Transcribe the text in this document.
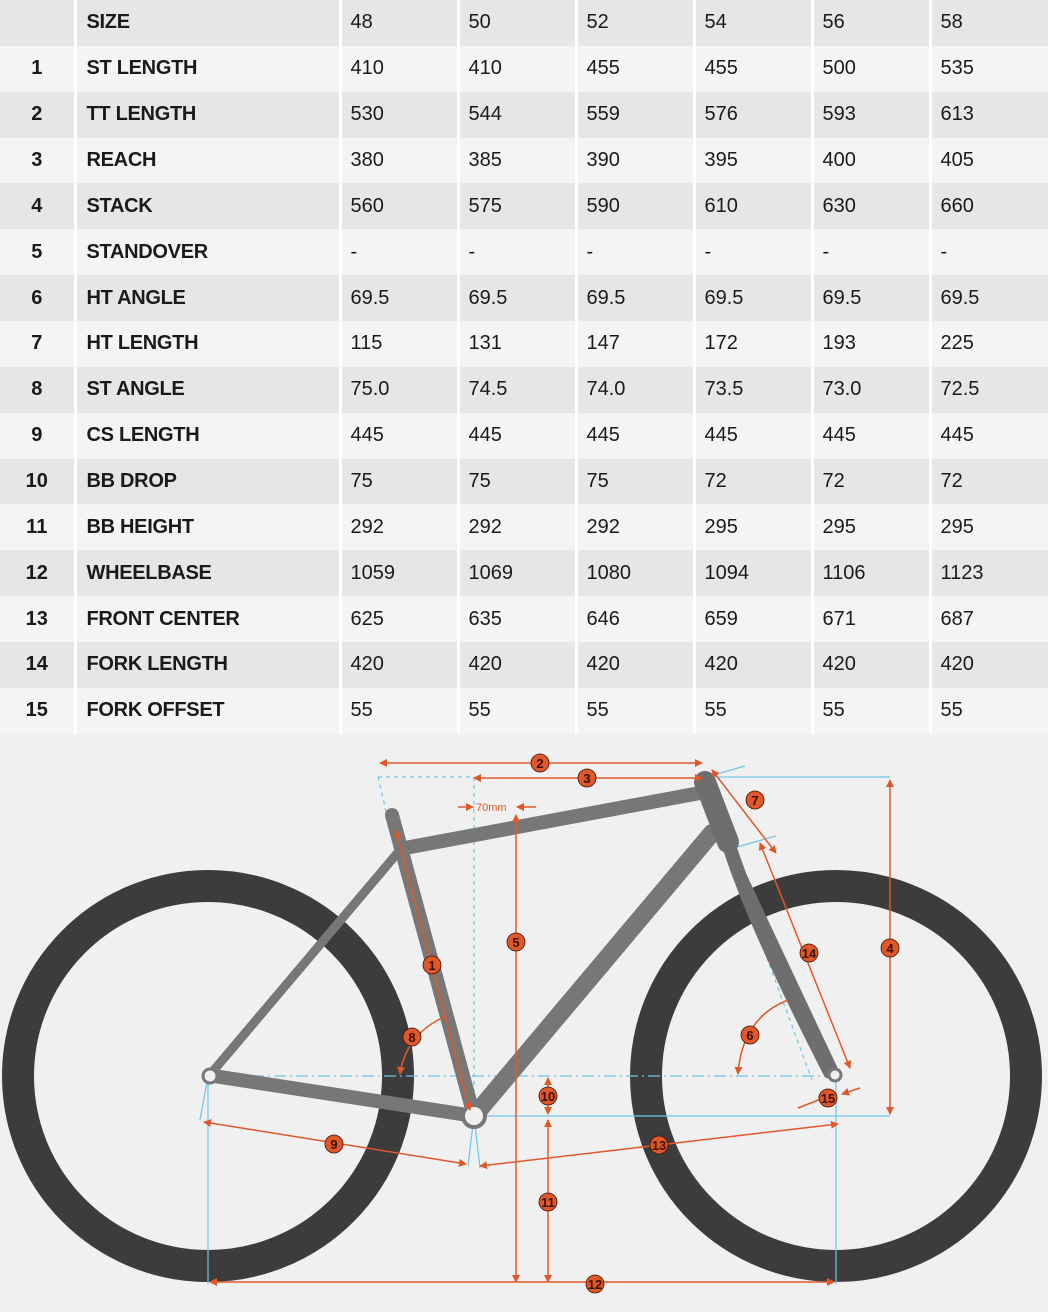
	SIZE	48	50	52	54	56	58
1	ST LENGTH	410	410	455	455	500	535
2	TT LENGTH	530	544	559	576	593	613
3	REACH	380	385	390	395	400	405
4	STACK	560	575	590	610	630	660
5	STANDOVER	-	-	-	-	-	-
6	HT ANGLE	69.5	69.5	69.5	69.5	69.5	69.5
7	HT LENGTH	115	131	147	172	193	225
8	ST ANGLE	75.0	74.5	74.0	73.5	73.0	72.5
9	CS LENGTH	445	445	445	445	445	445
10	BB DROP	75	75	75	72	72	72
11	BB HEIGHT	292	292	292	295	295	295
12	WHEELBASE	1059	1069	1080	1094	1106	1123
13	FRONT CENTER	625	635	646	659	671	687
14	FORK LENGTH	420	420	420	420	420	420
15	FORK OFFSET	55	55	55	55	55	55
70mm
1
2
3
4
5
6
7
8
9
10
11
12
13
14
15
